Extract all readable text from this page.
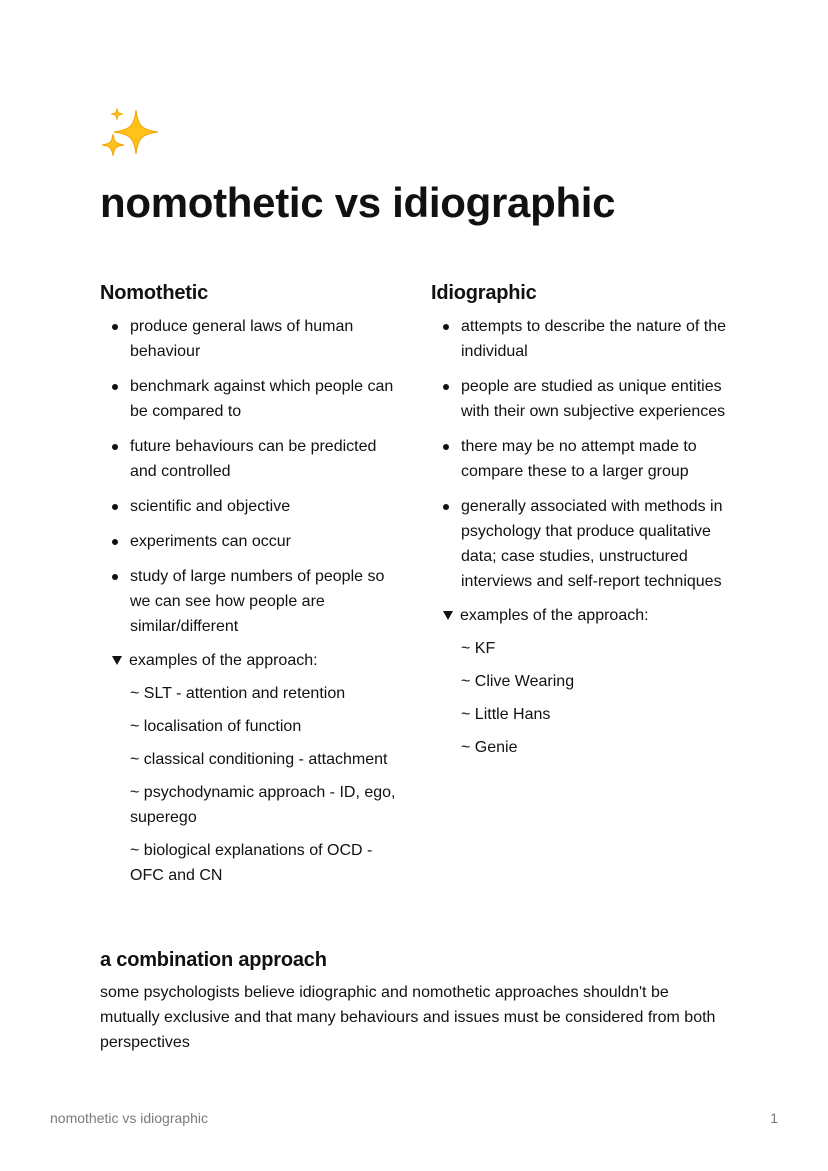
nomothetic vs idiographic
Nomothetic
produce general laws of human behaviour
benchmark against which people can be compared to
future behaviours can be predicted and controlled
scientific and objective
experiments can occur
study of large numbers of people so we can see how people are similar/different
examples of the approach:

~ SLT - attention and retention

~ localisation of function

~ classical conditioning - attachment

~ psychodynamic approach - ID, ego, superego

~ biological explanations of OCD - OFC and CN

Idiographic
attempts to describe the nature of the individual
people are studied as unique entities with their own subjective experiences
there may be no attempt made to compare these to a larger group
generally associated with methods in psychology that produce qualitative data; case studies, unstructured interviews and self-report techniques
examples of the approach:

~ KF

~ Clive Wearing

~ Little Hans

~ Genie

a combination approach

some psychologists believe idiographic and nomothetic approaches shouldn't be mutually exclusive and that many behaviours and issues must be considered from both perspectives

nomothetic vs idiographic	1
